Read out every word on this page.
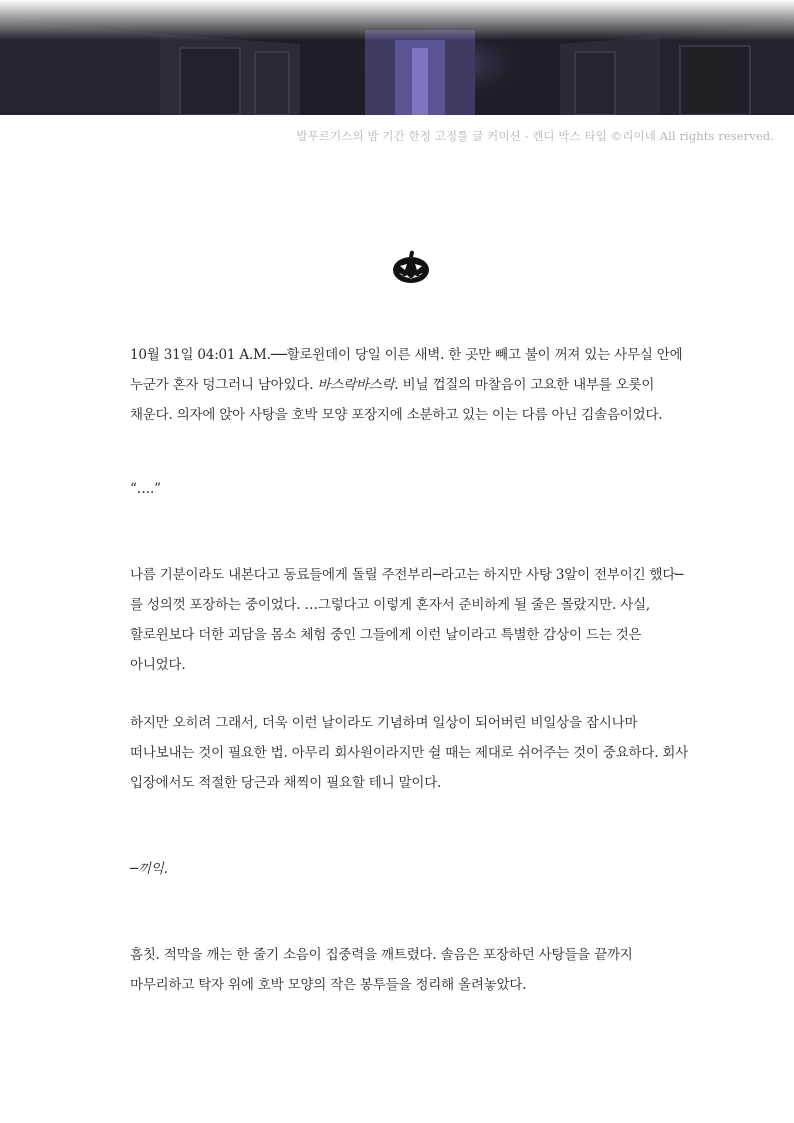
발푸르기스의 밤 기간 한정 고정틀 글 커미션 - 캔디 박스 타입 ©리이네 All rights reserved.

10월 31일 04:01 A.M.──할로윈데이 당일 이른 새벽. 한 곳만 빼고 불이 꺼져 있는 사무실 안에 누군가 혼자 덩그러니 남아있다. 바스락바스락. 비닐 껍질의 마찰음이 고요한 내부를 오롯이 채운다. 의자에 앉아 사탕을 호박 모양 포장지에 소분하고 있는 이는 다름 아닌 김솔음이었다.

“….”

나름 기분이라도 내본다고 동료들에게 돌릴 주전부리─라고는 하지만 사탕 3알이 전부이긴 했다─를 성의껏 포장하는 중이었다. …그렇다고 이렇게 혼자서 준비하게 될 줄은 몰랐지만. 사실, 할로윈보다 더한 괴담을 몸소 체험 중인 그들에게 이런 날이라고 특별한 감상이 드는 것은 아니었다.

하지만 오히려 그래서, 더욱 이런 날이라도 기념하며 일상이 되어버린 비일상을 잠시나마 떠나보내는 것이 필요한 법. 아무리 회사원이라지만 쉴 때는 제대로 쉬어주는 것이 중요하다. 회사 입장에서도 적절한 당근과 채찍이 필요할 테니 말이다.

─끼익.

흠칫. 적막을 깨는 한 줄기 소음이 집중력을 깨트렸다. 솔음은 포장하던 사탕들을 끝까지 마무리하고 탁자 위에 호박 모양의 작은 봉투들을 정리해 올려놓았다.
